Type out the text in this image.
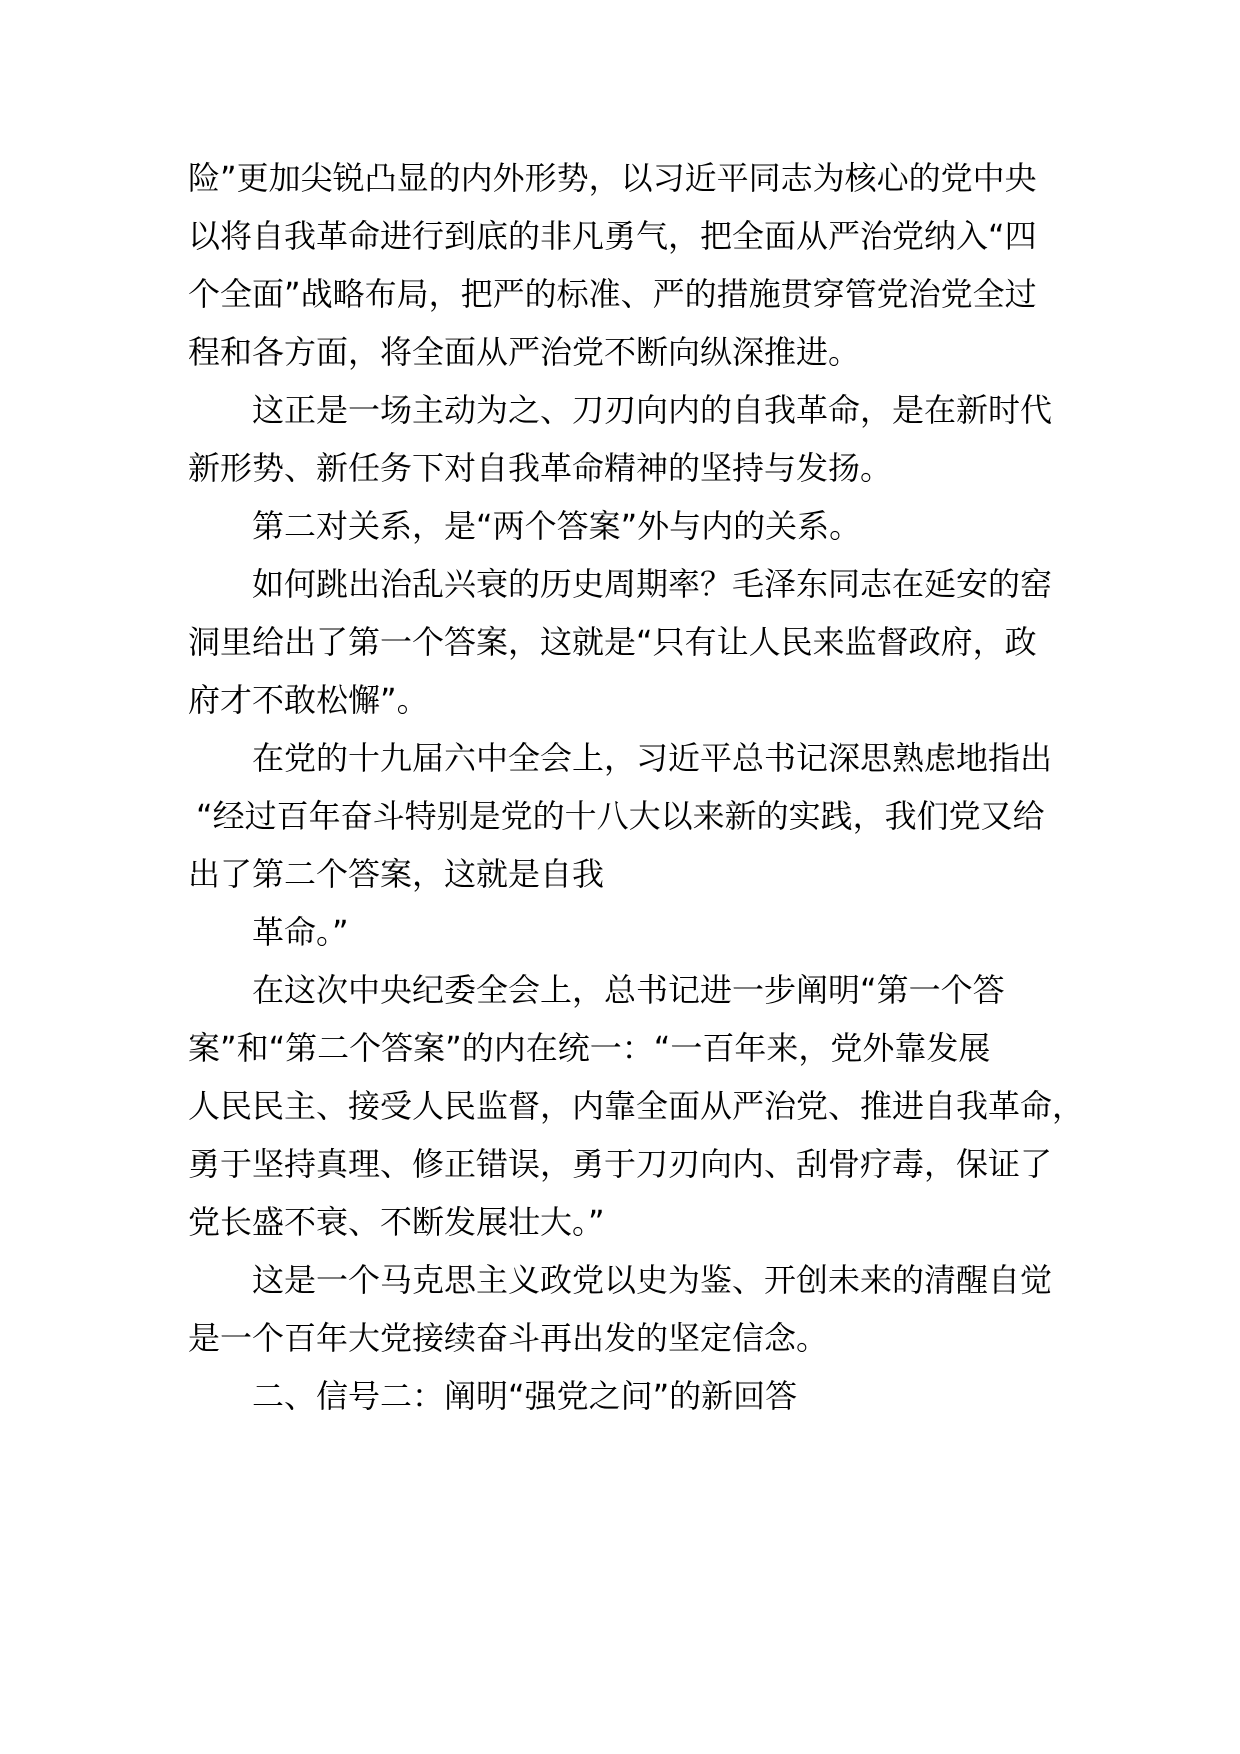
险”更加尖锐凸显的内外形势，以习近平同志为核心的党中央
以将自我革命进行到底的非凡勇气，把全面从严治党纳入“四
个全面”战略布局，把严的标准、严的措施贯穿管党治党全过
程和各方面，将全面从严治党不断向纵深推进。
这正是一场主动为之、刀刃向内的自我革命，是在新时代
新形势、新任务下对自我革命精神的坚持与发扬。
第二对关系，是“两个答案”外与内的关系。
如何跳出治乱兴衰的历史周期率？毛泽东同志在延安的窑
洞里给出了第一个答案，这就是“只有让人民来监督政府，政
府才不敢松懈”。
在党的十九届六中全会上，习近平总书记深思熟虑地指出
“经过百年奋斗特别是党的十八大以来新的实践，我们党又给
出了第二个答案，这就是自我
革命。”
在这次中央纪委全会上，总书记进一步阐明“第一个答
案”和“第二个答案”的内在统一：“一百年来，党外靠发展
人民民主、接受人民监督，内靠全面从严治党、推进自我革命，
勇于坚持真理、修正错误，勇于刀刃向内、刮骨疗毒，保证了
党长盛不衰、不断发展壮大。”
这是一个马克思主义政党以史为鉴、开创未来的清醒自觉
是一个百年大党接续奋斗再出发的坚定信念。
二、信号二：阐明“强党之问”的新回答
